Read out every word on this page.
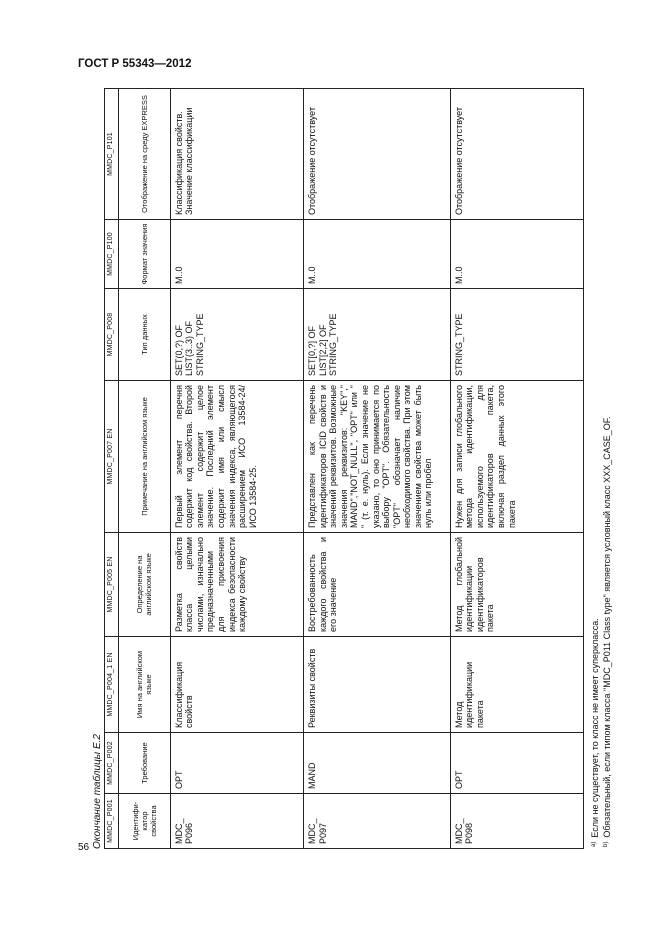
ГОСТ Р 55343—2012
56 Окончание таблицы Е.2 MMDC_P001	MMDC_P002	MMDC_P004_1 EN	MMDC_P005 EN	MMDC_P007 EN	MMDC_P008	MMDC_P100	MMDC_P101
Идентифи-катор свойства	Требование	Имя на английском языке	Определение на английском языке	Примечание на английском языке	Тип данных	Формат значения	Отображение на среду EXPRESS
MDC_ P096	OPT	Классификация свойств	Разметка свойств класса целыми числами, изначально предназначенными для присвоения индекса безопасности каждому свойству	Первый элемент перечня содержит код свойства. Второй элемент содержит целое значение. Последний элемент содержит имя или смысл значения индекса, являющегося расширением ИСО 13584-24/ ИСО 13584-25.	SET(0,?) OF LIST(3..3) OF STRING_TYPE	M..0	Классификация свойств. Значение классификации
MDC_ P097	MAND	Реквизиты свойств	Востребованность каждого свойства и его значение	Представлен как перечень идентификаторов ICID свойств и значений реквизитов. Возможные значения реквизитов: "KEY"," MAND","NOT_NULL", "OPT" или " " (т. е. нуль). Если значение не указано, то оно принимается по выбору "OPT". Обязательность "OPT" обозначает наличие необходимого свойства. При этом значением свойства может быть нуль или пробел	SET[0,?] OF LIST[2,2] OF STRING_TYPE	M..0	Отображение отсутствует
MDC_ P098	OPT	Метод идентификации пакета	Метод глобальной идентификации идентификаторов пакета	Нужен для записи глобального метода идентификации, используемого для идентификаторов пакета, включая раздел данных этого пакета	STRING_TYPE	M..0	Отображение отсутствует
$^{a)}$Если не существует, то класс не имеет суперкласса.
$^{b)}$Обязательный, если типом класса "MDC_P011 Class type" является условный класс XXX_CASE_OF.
